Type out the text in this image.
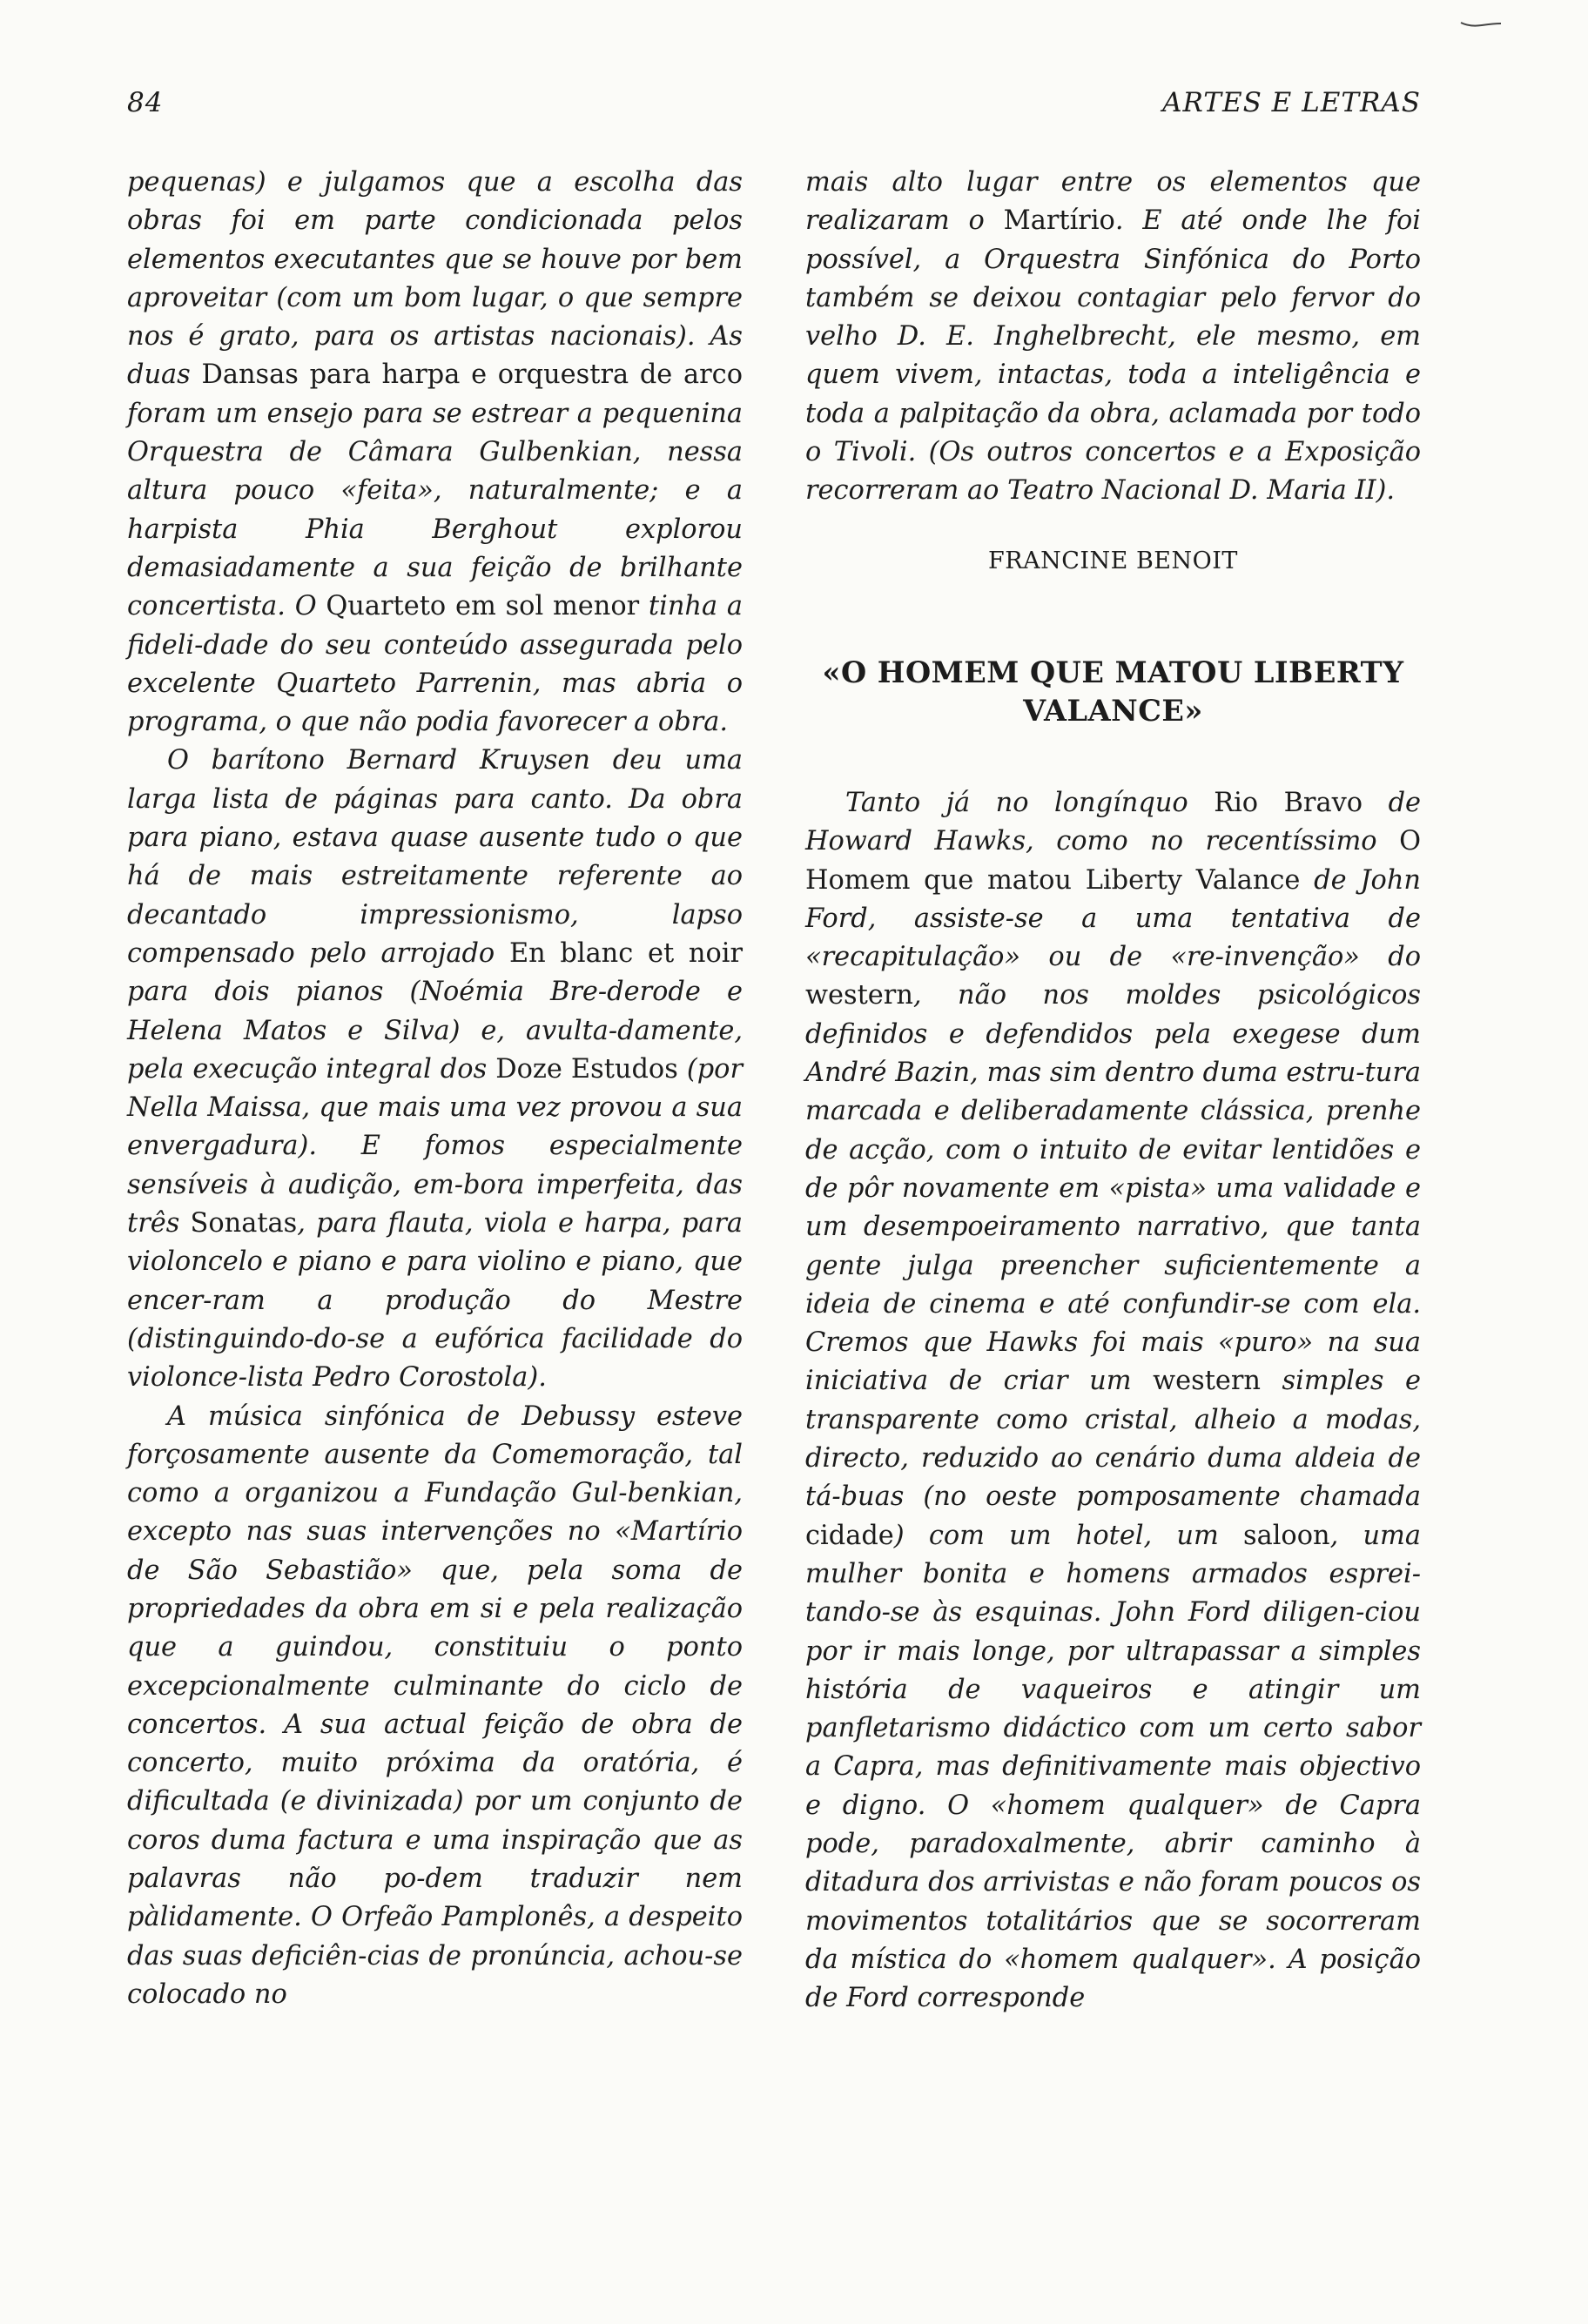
84	ARTES E LETRAS

pequenas) e julgamos que a escolha das obras foi em parte condicionada pelos elementos executantes que se houve por bem aproveitar (com um bom lugar, o que sempre nos é grato, para os artistas nacionais). As duas Dansas para harpa e orquestra de arco foram um ensejo para se estrear a pequenina Orquestra de Câmara Gulbenkian, nessa altura pouco «feita», naturalmente; e a harpista Phia Berghout explorou demasiadamente a sua feição de brilhante concertista. O Quarteto em sol menor tinha a fideli-dade do seu conteúdo assegurada pelo excelente Quarteto Parrenin, mas abria o programa, o que não podia favorecer a obra.

O barítono Bernard Kruysen deu uma larga lista de páginas para canto. Da obra para piano, estava quase ausente tudo o que há de mais estreitamente referente ao decantado impressionismo, lapso compensado pelo arrojado En blanc et noir para dois pianos (Noémia Bre-derode e Helena Matos e Silva) e, avulta-damente, pela execução integral dos Doze Estudos (por Nella Maissa, que mais uma vez provou a sua envergadura). E fomos especialmente sensíveis à audição, em-bora imperfeita, das três Sonatas, para flauta, viola e harpa, para violoncelo e piano e para violino e piano, que encer-ram a produção do Mestre (distinguindo-do-se a eufórica facilidade do violonce-lista Pedro Corostola).

A música sinfónica de Debussy esteve forçosamente ausente da Comemoração, tal como a organizou a Fundação Gul-benkian, excepto nas suas intervenções no «Martírio de São Sebastião» que, pela soma de propriedades da obra em si e pela realização que a guindou, constituiu o ponto excepcionalmente culminante do ciclo de concertos. A sua actual feição de obra de concerto, muito próxima da oratória, é dificultada (e divinizada) por um conjunto de coros duma factura e uma inspiração que as palavras não po-dem traduzir nem pàlidamente. O Orfeão Pamplonês, a despeito das suas deficiên-cias de pronúncia, achou-se colocado no

mais alto lugar entre os elementos que realizaram o Martírio. E até onde lhe foi possível, a Orquestra Sinfónica do Porto também se deixou contagiar pelo fervor do velho D. E. Inghelbrecht, ele mesmo, em quem vivem, intactas, toda a inteligência e toda a palpitação da obra, aclamada por todo o Tivoli. (Os outros concertos e a Exposição recorreram ao Teatro Nacional D. Maria II).

FRANCINE BENOIT
«O HOMEM QUE MATOU LIBERTY
VALANCE»

Tanto já no longínquo Rio Bravo de Howard Hawks, como no recentíssimo O Homem que matou Liberty Valance de John Ford, assiste-se a uma tentativa de «recapitulação» ou de «re-invenção» do western, não nos moldes psicológicos definidos e defendidos pela exegese dum André Bazin, mas sim dentro duma estru-tura marcada e deliberadamente clássica, prenhe de acção, com o intuito de evitar lentidões e de pôr novamente em «pista» uma validade e um desempoeiramento narrativo, que tanta gente julga preencher suficientemente a ideia de cinema e até confundir-se com ela. Cremos que Hawks foi mais «puro» na sua iniciativa de criar um western simples e transparente como cristal, alheio a modas, directo, reduzido ao cenário duma aldeia de tá-buas (no oeste pomposamente chamada cidade) com um hotel, um saloon, uma mulher bonita e homens armados esprei-tando-se às esquinas. John Ford diligen-ciou por ir mais longe, por ultrapassar a simples história de vaqueiros e atingir um panfletarismo didáctico com um certo sabor a Capra, mas definitivamente mais objectivo e digno. O «homem qualquer» de Capra pode, paradoxalmente, abrir caminho à ditadura dos arrivistas e não foram poucos os movimentos totalitários que se socorreram da mística do «homem qualquer». A posição de Ford corresponde
